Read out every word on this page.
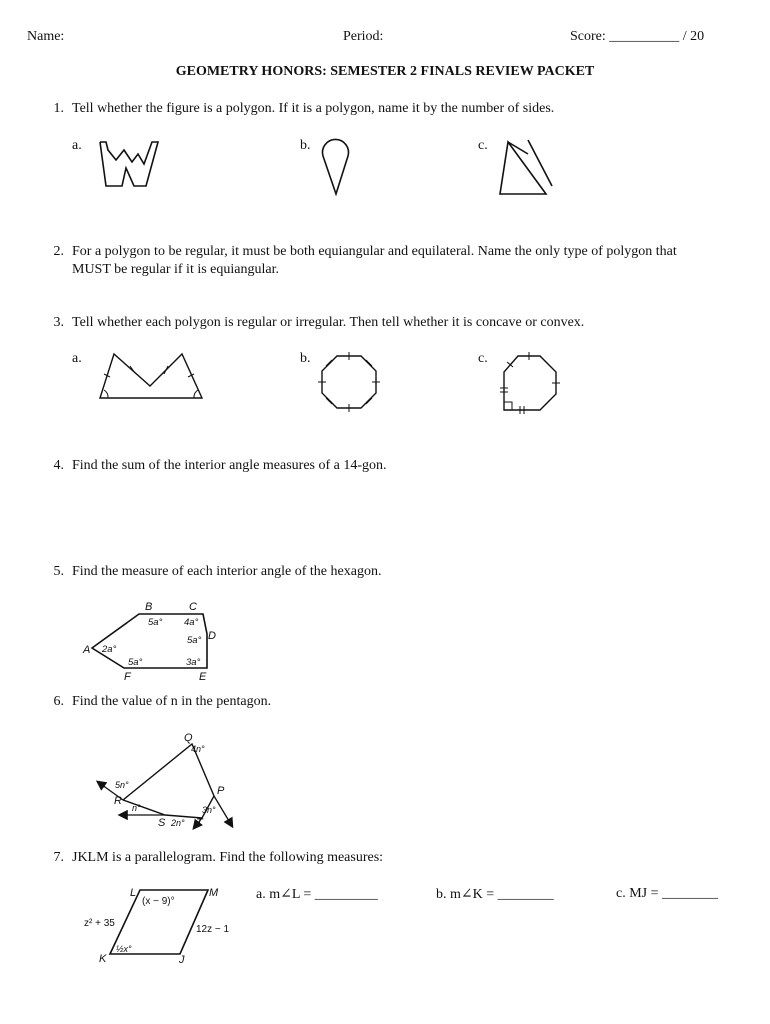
Name:	Period:	Score: __________ / 20
GEOMETRY HONORS: SEMESTER 2 FINALS REVIEW PACKET
1. Tell whether the figure is a polygon. If it is a polygon, name it by the number of sides.
a.	b.	c.
2. For a polygon to be regular, it must be both equiangular and equilateral. Name the only type of polygon that
MUST be regular if it is equiangular.
3. Tell whether each polygon is regular or irregular. Then tell whether it is concave or convex.
a.	b.	c.
4. Find the sum of the interior angle measures of a 14-gon.
5. Find the measure of each interior angle of the hexagon.
A
B	C
D
E
F
2a°
5a° 4a°
5a°
3a°
5a°
6. Find the value of n in the pentagon.
Q
R
S	T
P
4n°
5n°
n°
2n°
3n°
7. JKLM is a parallelogram. Find the following measures:
a. m∠L = _________	b. m∠K = ________	c. MJ = ________
L	M
K	J
(x − 9)°
z² + 35
12z − 1
½x°
